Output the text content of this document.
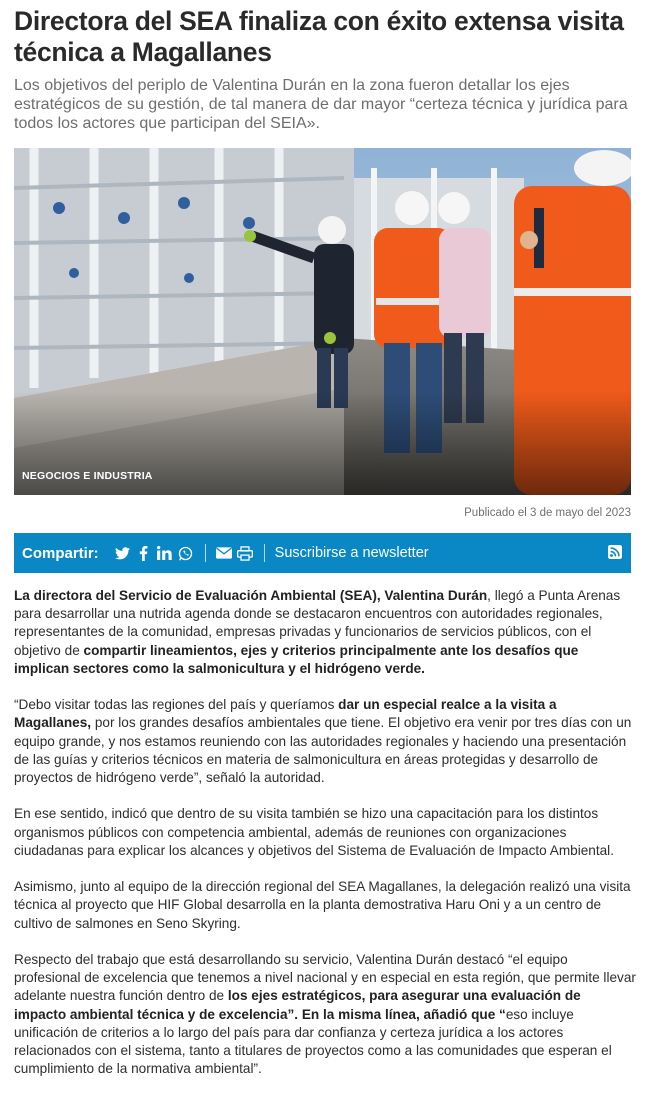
Directora del SEA finaliza con éxito extensa visita técnica a Magallanes

Los objetivos del periplo de Valentina Durán en la zona fueron detallar los ejes estratégicos de su gestión, de tal manera de dar mayor “certeza técnica y jurídica para todos los actores que participan del SEIA».

NEGOCIOS E INDUSTRIA
Publicado el 3 de mayo del 2023
Compartir:	Suscribirse a newsletter

La directora del Servicio de Evaluación Ambiental (SEA), Valentina Durán, llegó a Punta Arenas para desarrollar una nutrida agenda donde se destacaron encuentros con autoridades regionales, representantes de la comunidad, empresas privadas y funcionarios de servicios públicos, con el objetivo de compartir lineamientos, ejes y criterios principalmente ante los desafíos que implican sectores como la salmonicultura y el hidrógeno verde.

“Debo visitar todas las regiones del país y queríamos dar un especial realce a la visita a Magallanes, por los grandes desafíos ambientales que tiene. El objetivo era venir por tres días con un equipo grande, y nos estamos reuniendo con las autoridades regionales y haciendo una presentación de las guías y criterios técnicos en materia de salmonicultura en áreas protegidas y desarrollo de proyectos de hidrógeno verde”, señaló la autoridad.

En ese sentido, indicó que dentro de su visita también se hizo una capacitación para los distintos organismos públicos con competencia ambiental, además de reuniones con organizaciones ciudadanas para explicar los alcances y objetivos del Sistema de Evaluación de Impacto Ambiental.

Asimismo, junto al equipo de la dirección regional del SEA Magallanes, la delegación realizó una visita técnica al proyecto que HIF Global desarrolla en la planta demostrativa Haru Oni y a un centro de cultivo de salmones en Seno Skyring.

Respecto del trabajo que está desarrollando su servicio, Valentina Durán destacó “el equipo profesional de excelencia que tenemos a nivel nacional y en especial en esta región, que permite llevar adelante nuestra función dentro de los ejes estratégicos, para asegurar una evaluación de impacto ambiental técnica y de excelencia”. En la misma línea, añadió que “eso incluye unificación de criterios a lo largo del país para dar confianza y certeza jurídica a los actores relacionados con el sistema, tanto a titulares de proyectos como a las comunidades que esperan el cumplimiento de la normativa ambiental”.
